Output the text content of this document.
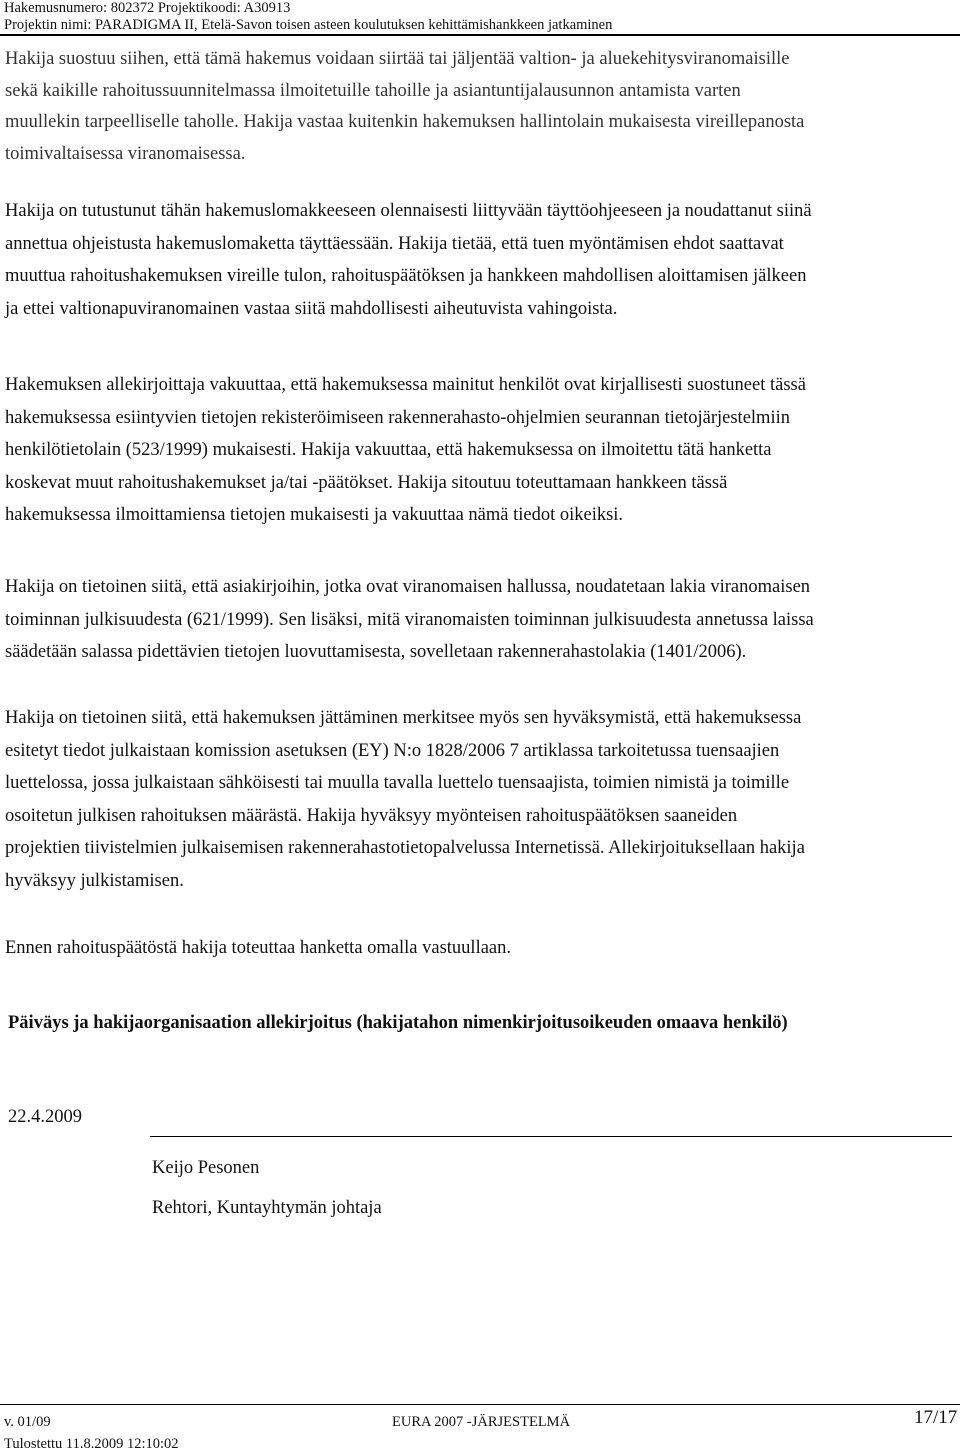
Hakemusnumero: 802372 Projektikoodi: A30913
Projektin nimi: PARADIGMA II, Etelä-Savon toisen asteen koulutuksen kehittämishankkeen jatkaminen

Hakija suostuu siihen, että tämä hakemus voidaan siirtää tai jäljentää valtion- ja aluekehitysviranomaisille
sekä kaikille rahoitussuunnitelmassa ilmoitetuille tahoille ja asiantuntijalausunnon antamista varten
muullekin tarpeelliselle taholle. Hakija vastaa kuitenkin hakemuksen hallintolain mukaisesta vireillepanosta
toimivaltaisessa viranomaisessa.

Hakija on tutustunut tähän hakemuslomakkeeseen olennaisesti liittyvään täyttöohjeeseen ja noudattanut siinä
annettua ohjeistusta hakemuslomaketta täyttäessään. Hakija tietää, että tuen myöntämisen ehdot saattavat
muuttua rahoitushakemuksen vireille tulon, rahoituspäätöksen ja hankkeen mahdollisen aloittamisen jälkeen
ja ettei valtionapuviranomainen vastaa siitä mahdollisesti aiheutuvista vahingoista.

Hakemuksen allekirjoittaja vakuuttaa, että hakemuksessa mainitut henkilöt ovat kirjallisesti suostuneet tässä
hakemuksessa esiintyvien tietojen rekisteröimiseen rakennerahasto-ohjelmien seurannan tietojärjestelmiin
henkilötietolain (523/1999) mukaisesti. Hakija vakuuttaa, että hakemuksessa on ilmoitettu tätä hanketta
koskevat muut rahoitushakemukset ja/tai -päätökset. Hakija sitoutuu toteuttamaan hankkeen tässä
hakemuksessa ilmoittamiensa tietojen mukaisesti ja vakuuttaa nämä tiedot oikeiksi.

Hakija on tietoinen siitä, että asiakirjoihin, jotka ovat viranomaisen hallussa, noudatetaan lakia viranomaisen
toiminnan julkisuudesta (621/1999). Sen lisäksi, mitä viranomaisten toiminnan julkisuudesta annetussa laissa
säädetään salassa pidettävien tietojen luovuttamisesta, sovelletaan rakennerahastolakia (1401/2006).

Hakija on tietoinen siitä, että hakemuksen jättäminen merkitsee myös sen hyväksymistä, että hakemuksessa
esitetyt tiedot julkaistaan komission asetuksen (EY) N:o 1828/2006 7 artiklassa tarkoitetussa tuensaajien
luettelossa, jossa julkaistaan sähköisesti tai muulla tavalla luettelo tuensaajista, toimien nimistä ja toimille
osoitetun julkisen rahoituksen määrästä. Hakija hyväksyy myönteisen rahoituspäätöksen saaneiden
projektien tiivistelmien julkaisemisen rakennerahastotietopalvelussa Internetissä. Allekirjoituksellaan hakija
hyväksyy julkistamisen.

Ennen rahoituspäätöstä hakija toteuttaa hanketta omalla vastuullaan.

Päiväys ja hakijaorganisaation allekirjoitus (hakijatahon nimenkirjoitusoikeuden omaava henkilö)

22.4.2009
Keijo Pesonen
Rehtori, Kuntayhtymän johtaja
v. 01/09	EURA 2007 -JÄRJESTELMÄ	17/17
Tulostettu 11.8.2009 12:10:02
